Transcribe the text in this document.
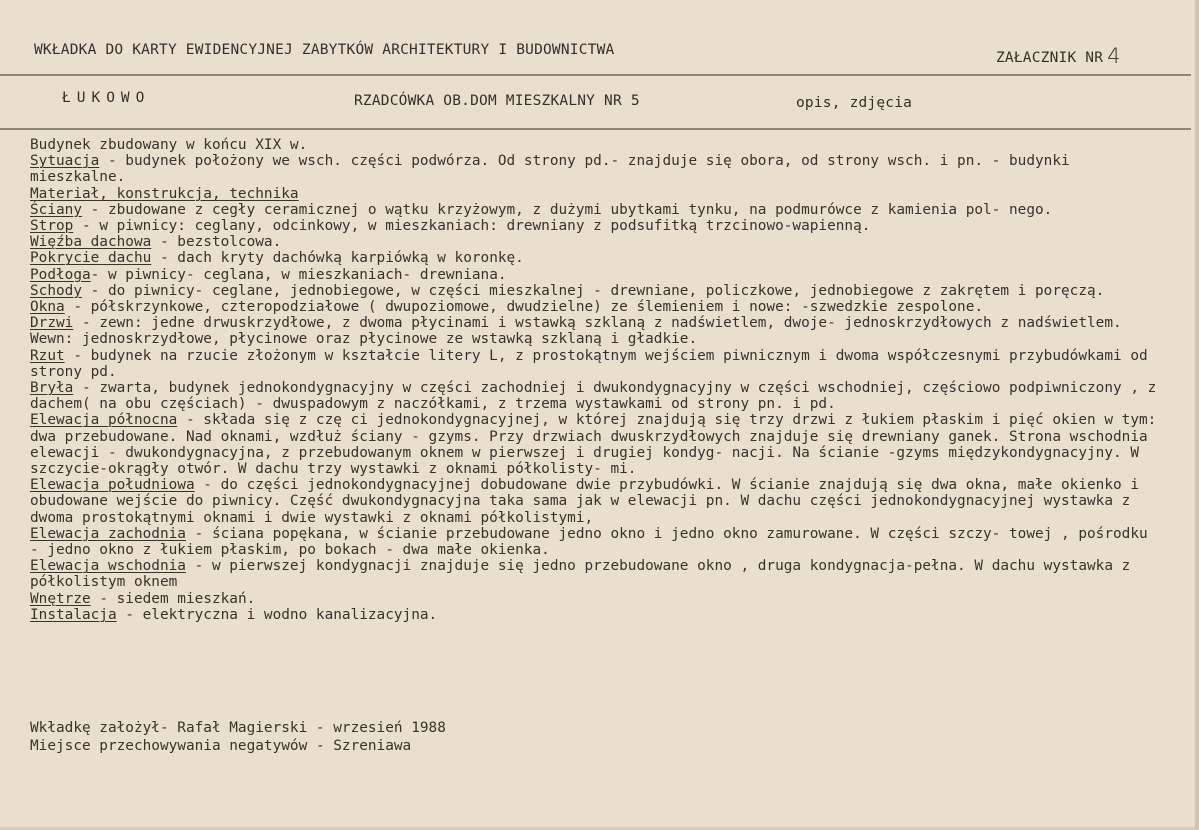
WKŁADKA DO KARTY EWIDENCYJNEJ ZABYTKÓW ARCHITEKTURY I BUDOWNICTWA	ZAŁACZNIK NR 4
ŁUKOWO	RZADCÓWKA OB.DOM MIESZKALNY NR 5	opis, zdjęcia

Budynek zbudowany w końcu XIX w.

Sytuacja - budynek położony we wsch. części podwórza. Od strony pd.- znajduje się obora, od strony wsch. i pn. - budynki mieszkalne.

Materiał, konstrukcja, technika

Ściany - zbudowane z cegły ceramicznej o wątku krzyżowym, z dużymi ubytkami tynku, na podmurówce z kamienia pol- nego.

Strop - w piwnicy: ceglany, odcinkowy, w mieszkaniach: drewniany z podsufitką trzcinowo-wapienną.

Więźba dachowa - bezstolcowa.

Pokrycie dachu - dach kryty dachówką karpiówką w koronkę.

Podłoga- w piwnicy- ceglana, w mieszkaniach- drewniana.

Schody - do piwnicy- ceglane, jednobiegowe, w części mieszkalnej - drewniane, policzkowe, jednobiegowe z zakrętem i poręczą.

Okna - półskrzynkowe, czteropodziałowe ( dwupoziomowe, dwudzielne) ze ślemieniem i nowe: -szwedzkie zespolone.

Drzwi - zewn: jedne drwuskrzydłowe, z dwoma płycinami i wstawką szklaną z nadświetlem, dwoje- jednoskrzydłowych z nadświetlem. Wewn: jednoskrzydłowe, płycinowe oraz płycinowe ze wstawką szklaną i gładkie.

Rzut - budynek na rzucie złożonym w kształcie litery L, z prostokątnym wejściem piwnicznym i dwoma współczesnymi przybudówkami od strony pd.

Bryła - zwarta, budynek jednokondygnacyjny w części zachodniej i dwukondygnacyjny w części wschodniej, częściowo podpiwniczony , z dachem( na obu częściach) - dwuspadowym z naczółkami, z trzema wystawkami od strony pn. i pd.

Elewacja północna - składa się z czę ci jednokondygnacyjnej, w której znajdują się trzy drzwi z łukiem płaskim i pięć okien w tym: dwa przebudowane. Nad oknami, wzdłuż ściany - gzyms. Przy drzwiach dwuskrzydłowych znajduje się drewniany ganek. Strona wschodnia elewacji - dwukondygnacyjna, z przebudowanym oknem w pierwszej i drugiej kondyg- nacji. Na ścianie -gzyms międzykondygnacyjny. W szczycie-okrągły otwór. W dachu trzy wystawki z oknami półkolisty- mi.

Elewacja południowa - do części jednokondygnacyjnej dobudowane dwie przybudówki. W ścianie znajdują się dwa okna, małe okienko i obudowane wejście do piwnicy. Część dwukondygnacyjna taka sama jak w elewacji pn. W dachu części jednokondygnacyjnej wystawka z dwoma prostokątnymi oknami i dwie wystawki z oknami półkolistymi,

Elewacja zachodnia - ściana popękana, w ścianie przebudowane jedno okno i jedno okno zamurowane. W części szczy- towej , pośrodku - jedno okno z łukiem płaskim, po bokach - dwa małe okienka.

Elewacja wschodnia - w pierwszej kondygnacji znajduje się jedno przebudowane okno , druga kondygnacja-pełna. W dachu wystawka z półkolistym oknem

Wnętrze - siedem mieszkań.

Instalacja - elektryczna i wodno kanalizacyjna.

Wkładkę założył- Rafał Magierski - wrzesień 1988

Miejsce przechowywania negatywów - Szreniawa
